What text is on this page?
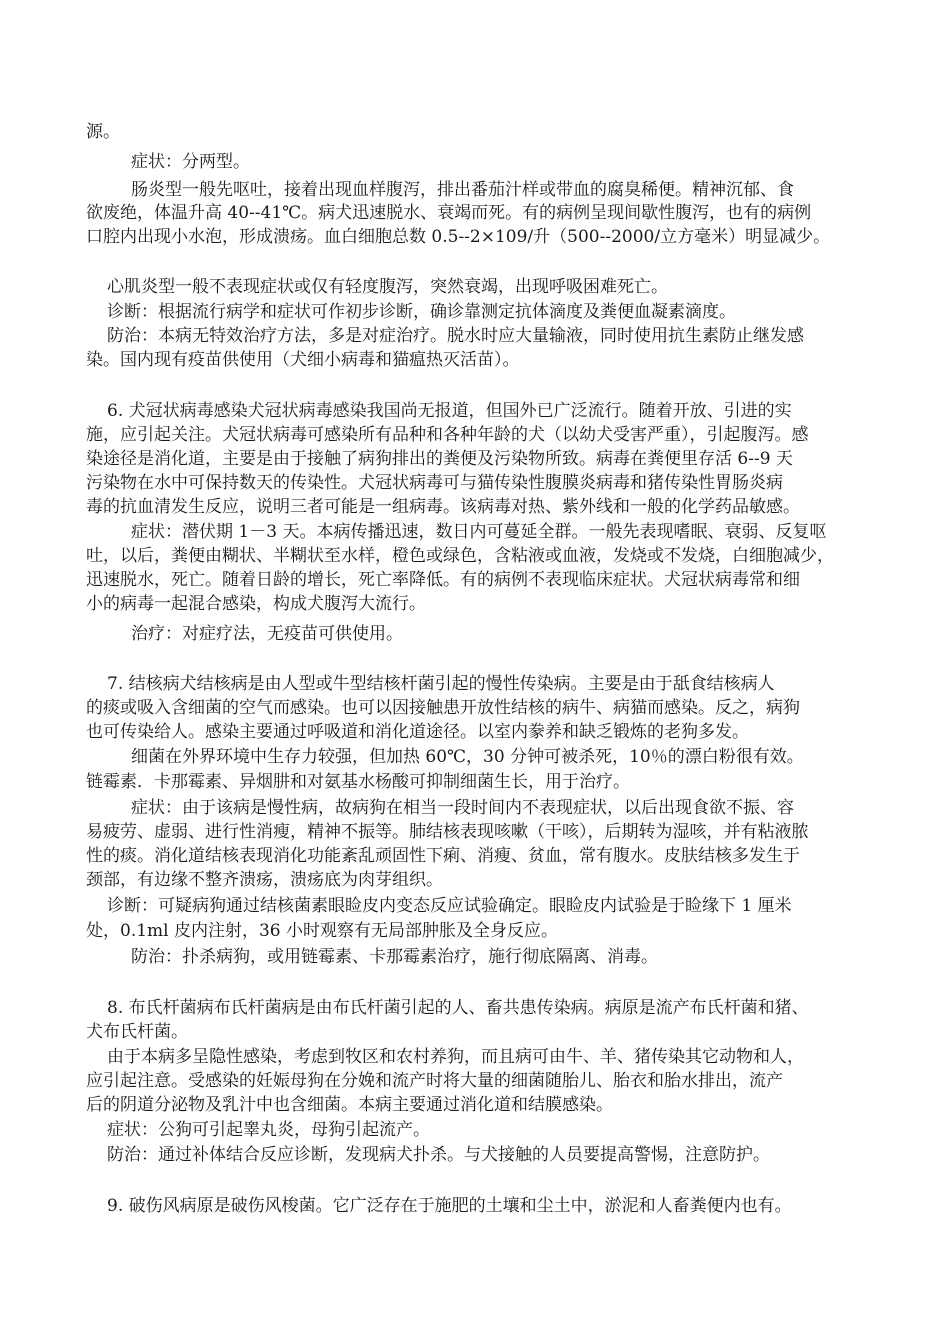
源。
症状：分两型。
肠炎型一般先呕吐，接着出现血样腹泻，排出番茄汁样或带血的腐臭稀便。精神沉郁、食
欲废绝，体温升高 40--41℃。病犬迅速脱水、衰竭而死。有的病例呈现间歇性腹泻，也有的病例
口腔内出现小水泡，形成溃疡。血白细胞总数 0.5--2×109/升（500--2000/立方毫米）明显减少。
心肌炎型一般不表现症状或仅有轻度腹泻，突然衰竭，出现呼吸困难死亡。
诊断：根据流行病学和症状可作初步诊断，确诊靠测定抗体滴度及粪便血凝素滴度。
防治：本病无特效治疗方法，多是对症治疗。脱水时应大量输液，同时使用抗生素防止继发感
染。国内现有疫苗供使用（犬细小病毒和猫瘟热灭活苗）。
6. 犬冠状病毒感染犬冠状病毒感染我国尚无报道，但国外已广泛流行。随着开放、引进的实
施，应引起关注。犬冠状病毒可感染所有品种和各种年龄的犬（以幼犬受害严重），引起腹泻。感
染途径是消化道，主要是由于接触了病狗排出的粪便及污染物所致。病毒在粪便里存活 6--9 天
污染物在水中可保持数天的传染性。犬冠状病毒可与猫传染性腹膜炎病毒和猪传染性胃肠炎病
毒的抗血清发生反应，说明三者可能是一组病毒。该病毒对热、紫外线和一般的化学药品敏感。
症状：潜伏期 1－3 天。本病传播迅速，数日内可蔓延全群。一般先表现嗜眠、衰弱、反复呕
吐，以后，粪便由糊状、半糊状至水样，橙色或绿色，含粘液或血液，发烧或不发烧，白细胞减少，
迅速脱水，死亡。随着日龄的增长，死亡率降低。有的病例不表现临床症状。犬冠状病毒常和细
小的病毒一起混合感染，构成犬腹泻大流行。
治疗：对症疗法，无疫苗可供使用。
7. 结核病犬结核病是由人型或牛型结核杆菌引起的慢性传染病。主要是由于舐食结核病人
的痰或吸入含细菌的空气而感染。也可以因接触患开放性结核的病牛、病猫而感染。反之，病狗
也可传染给人。感染主要通过呼吸道和消化道途径。以室内豢养和缺乏锻炼的老狗多发。
细菌在外界环境中生存力较强，但加热 60℃，30 分钟可被杀死，10％的漂白粉很有效。
链霉素．卡那霉素、异烟肼和对氨基水杨酸可抑制细菌生长，用于治疗。
症状：由于该病是慢性病，故病狗在相当一段时间内不表现症状，以后出现食欲不振、容
易疲劳、虚弱、进行性消瘦，精神不振等。肺结核表现咳嗽（干咳），后期转为湿咳，并有粘液脓
性的痰。消化道结核表现消化功能紊乱顽固性下痢、消瘦、贫血，常有腹水。皮肤结核多发生于
颈部，有边缘不整齐溃疡，溃疡底为肉芽组织。
诊断：可疑病狗通过结核菌素眼睑皮内变态反应试验确定。眼睑皮内试验是于睑缘下 1 厘米
处，0.1ml 皮内注射，36 小时观察有无局部肿胀及全身反应。
防治：扑杀病狗，或用链霉素、卡那霉素治疗，施行彻底隔离、消毒。
8. 布氏杆菌病布氏杆菌病是由布氏杆菌引起的人、畜共患传染病。病原是流产布氏杆菌和猪、
犬布氏杆菌。
由于本病多呈隐性感染，考虑到牧区和农村养狗，而且病可由牛、羊、猪传染其它动物和人，
应引起注意。受感染的妊娠母狗在分娩和流产时将大量的细菌随胎儿、胎衣和胎水排出，流产
后的阴道分泌物及乳汁中也含细菌。本病主要通过消化道和结膜感染。
症状：公狗可引起睾丸炎，母狗引起流产。
防治：通过补体结合反应诊断，发现病犬扑杀。与犬接触的人员要提高警惕，注意防护。
9. 破伤风病原是破伤风梭菌。它广泛存在于施肥的土壤和尘土中，淤泥和人畜粪便内也有。
